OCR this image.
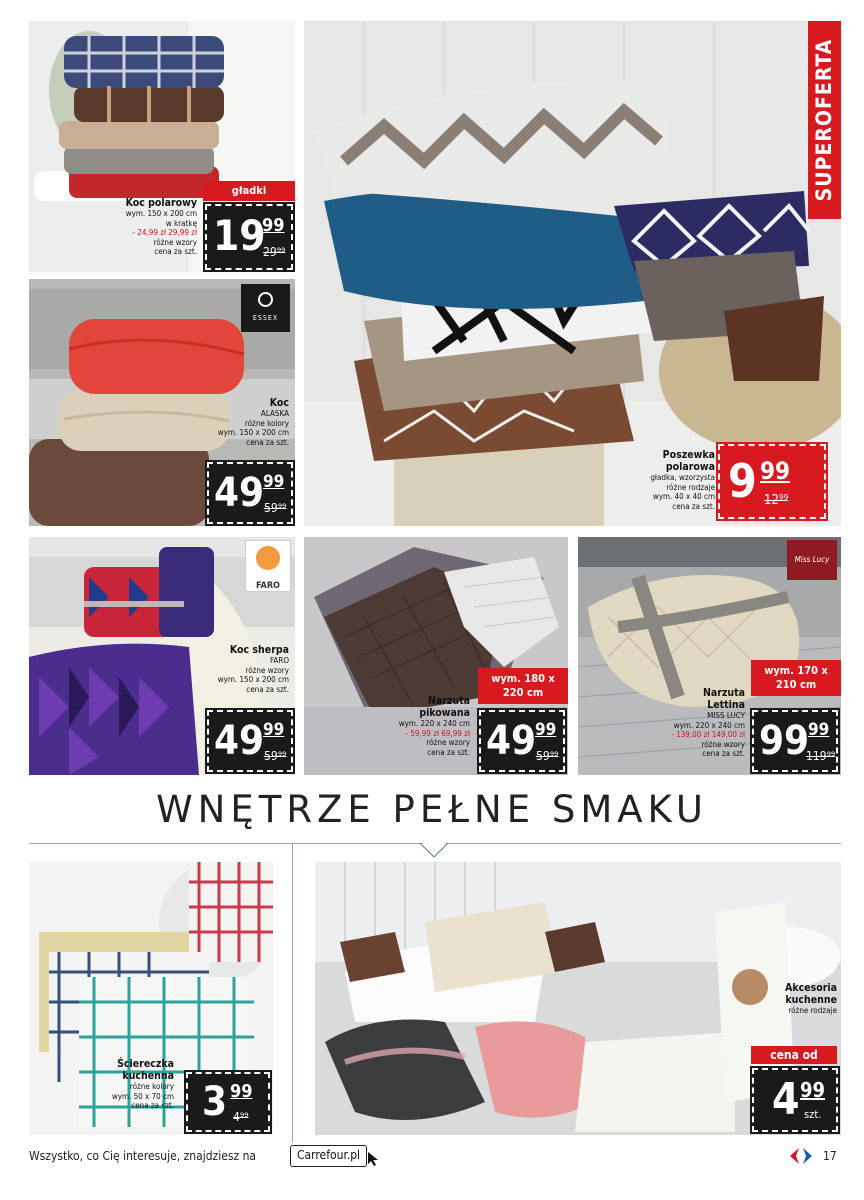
gładki
Koc polarowy
wym. 150 x 200 cm
w kratkę
- 24,99 zł 29,99 zł
różne wzory
cena za szt. 19
99
29⁹⁹
ESSEX
Koc
ALASKA
różne kolory
wym. 150 x 200 cm
cena za szt.
49
99
59⁹⁹
SUPEROFERTA
Poszewka polarowa
gładka, wzorzysta
różne rodzaje
wym. 40 x 40 cm
cena za szt. 9 99
12⁹⁹
FARO
Koc sherpa
FARO
różne wzory
wym. 150 x 200 cm
cena za szt.
49
99
59⁹⁹
wym. 180 x 220 cm
Narzuta pikowana
wym. 220 x 240 cm
- 59,99 zł 69,99 zł
różne wzory
cena za szt. 49
99
59⁹⁹
Miss Lucy
wym. 170 x 210 cm
Narzuta Lettina
MISS LUCY
wym. 220 x 240 cm
- 139,00 zł 149,00 zł
różne wzory
cena za szt. 99
99
119⁹⁹
WNĘTRZE PEŁNE SMAKU
Ściereczka kuchenna
różne kolory
wym. 50 x 70 cm
cena za szt. 3 99
4⁹⁹
Akcesoria kuchenne
różne rodzaje
cena od
4 99
szt.
Wszystko, co Cię interesuje, znajdziesz na	Carrefour.pl	17
